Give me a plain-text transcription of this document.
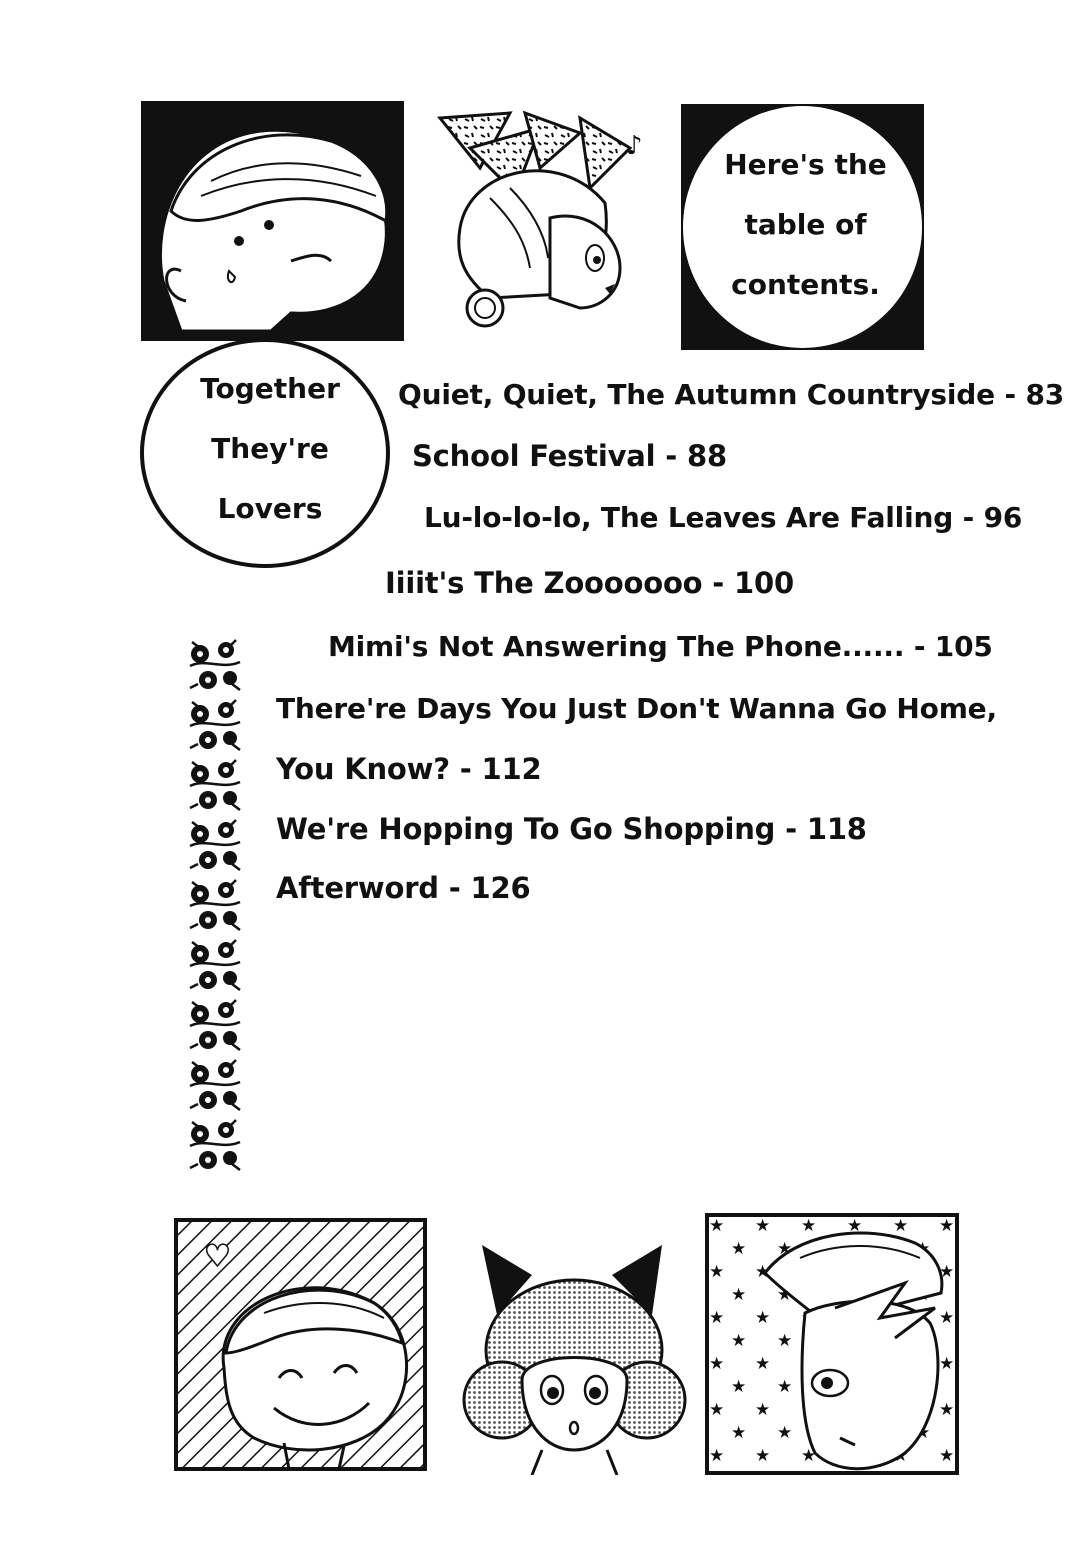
♪
Here's the
table of
contents.
Together
They're
Lovers
Quiet, Quiet, The Autumn Countryside - 83
School Festival - 88
Lu-lo-lo-lo, The Leaves Are Falling - 96
Iiiit's The Zooooooo - 100
Mimi's Not Answering The Phone...... - 105
There're Days You Just Don't Wanna Go Home,
You Know? - 112
We're Hopping To Go Shopping - 118
Afterword - 126
♥
